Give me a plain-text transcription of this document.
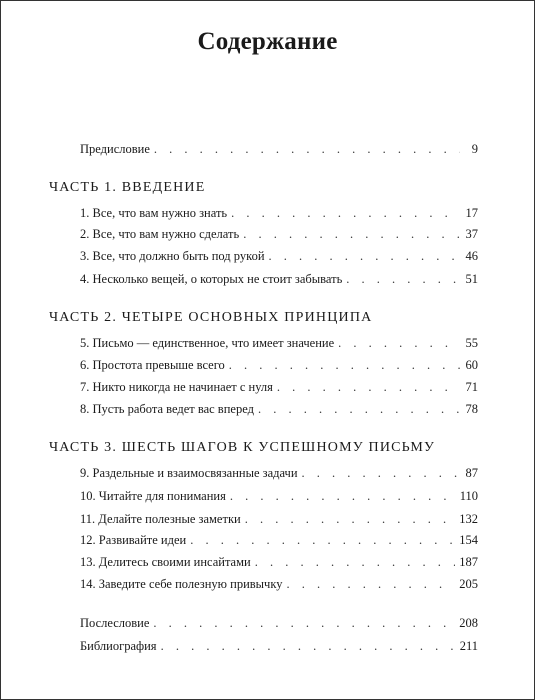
Содержание
Предисловие . . .	9
ЧАСТЬ 1. ВВЕДЕНИЕ
1. Все, что вам нужно знать . . .	17
2. Все, что вам нужно сделать . . .	37
3. Все, что должно быть под рукой . . .	46
4. Несколько вещей, о которых не стоит забывать . . .	51
ЧАСТЬ 2. ЧЕТЫРЕ ОСНОВНЫХ ПРИНЦИПА
5. Письмо — единственное, что имеет значение . . .	55
6. Простота превыше всего . . .	60
7. Никто никогда не начинает с нуля . . .	71
8. Пусть работа ведет вас вперед . . .	78
ЧАСТЬ 3. ШЕСТЬ ШАГОВ К УСПЕШНОМУ ПИСЬМУ
9. Раздельные и взаимосвязанные задачи . . .	87
10. Читайте для понимания . . .	110
11. Делайте полезные заметки . . .	132
12. Развивайте идеи . . .	154
13. Делитесь своими инсайтами . . .	187
14. Заведите себе полезную привычку . . .	205
Послесловие . . .	208
Библиография . . .	211
